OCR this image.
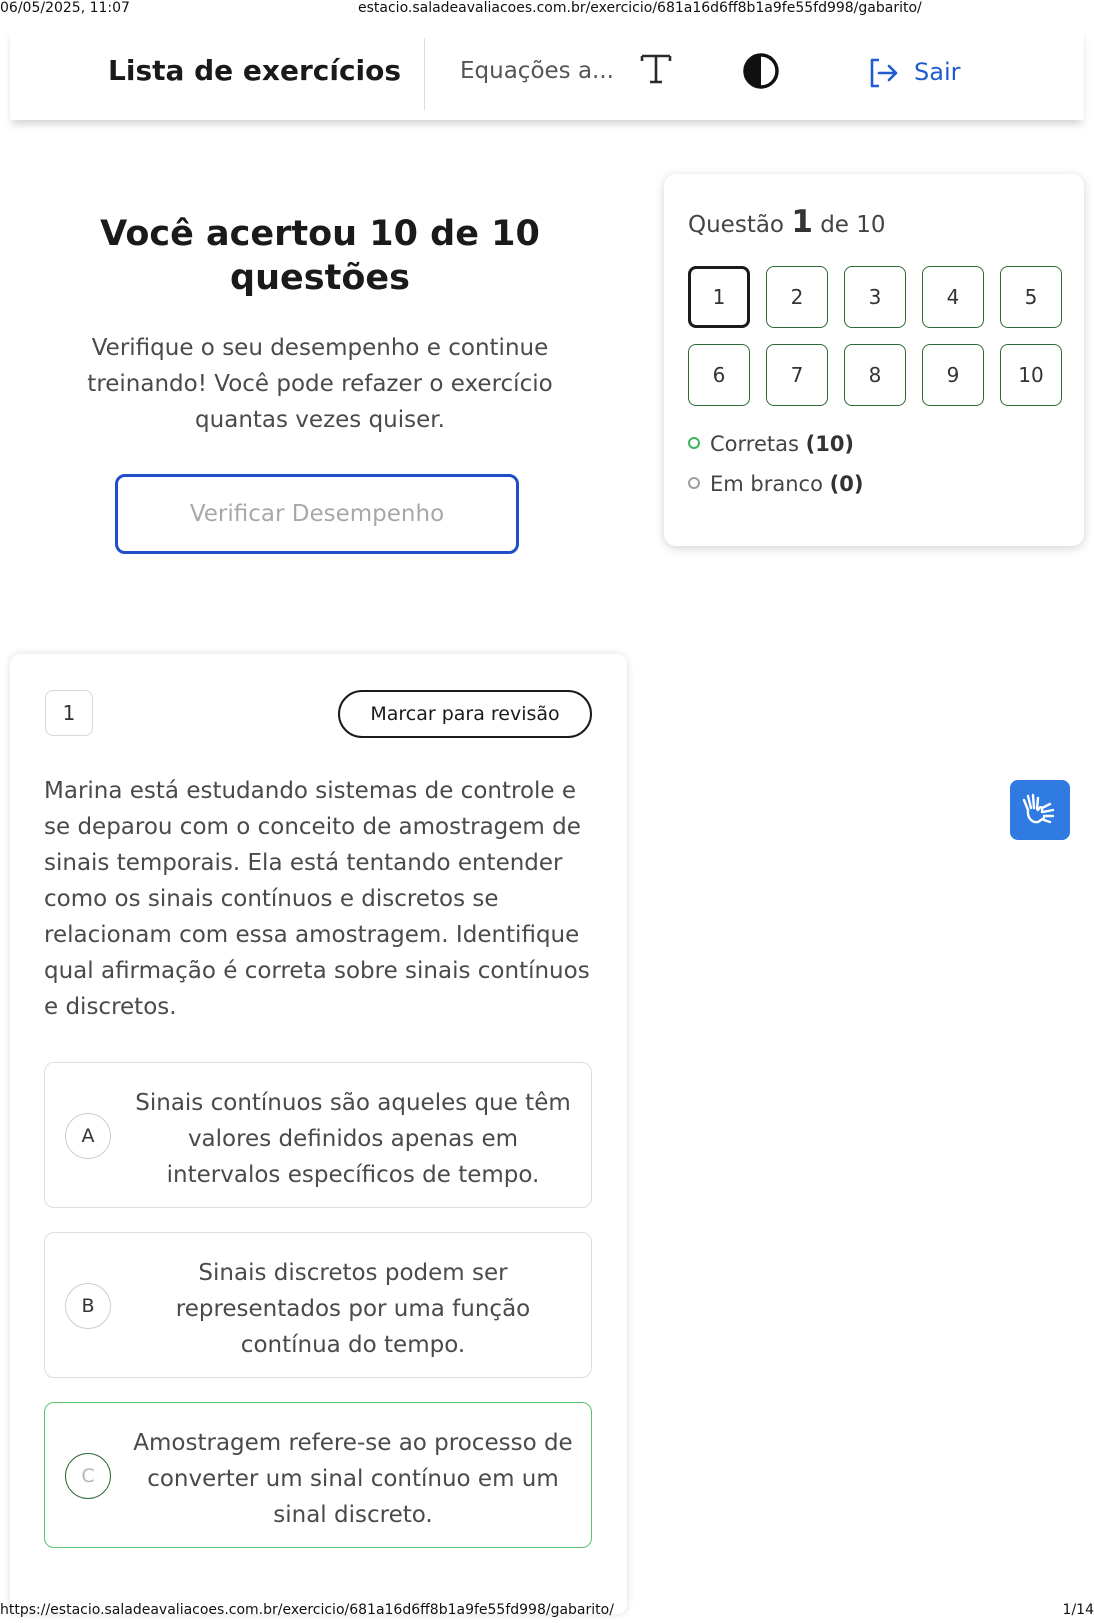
06/05/2025, 11:07	estacio.saladeavaliacoes.com.br/exercicio/681a16d6ff8b1a9fe55fd998/gabarito/
Lista de exercícios	Equações a...	Sair
Você acertou 10 de 10 questões
Verifique o seu desempenho e continue treinando! Você pode refazer o exercício quantas vezes quiser.
Verificar Desempenho
Questão 1 de 10
1	2	3	4	5
6	7	8	9	10
Corretas (10)
Em branco (0)
1	Marcar para revisão
Marina está estudando sistemas de controle e se deparou com o conceito de amostragem de sinais temporais. Ela está tentando entender como os sinais contínuos e discretos se relacionam com essa amostragem. Identifique qual afirmação é correta sobre sinais contínuos e discretos.
A
Sinais contínuos são aqueles que têm valores definidos apenas em intervalos específicos de tempo.
B
Sinais discretos podem ser representados por uma função contínua do tempo.
C
Amostragem refere-se ao processo de converter um sinal contínuo em um sinal discreto.
https://estacio.saladeavaliacoes.com.br/exercicio/681a16d6ff8b1a9fe55fd998/gabarito/	1/14
